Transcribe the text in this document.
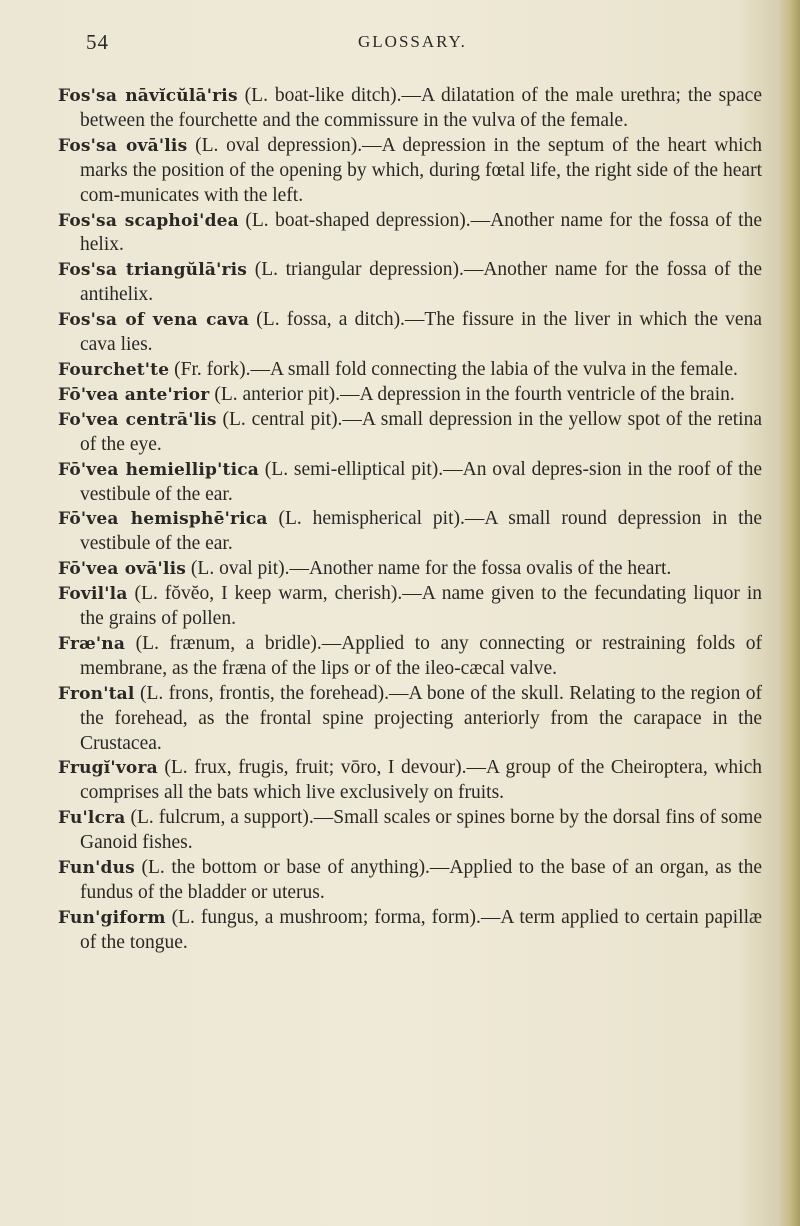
54	GLOSSARY.

Fos'sa nāvĭcŭlā'ris (L. boat-like ditch).—A dilatation of the male urethra; the space between the fourchette and the commissure in the vulva of the female.

Fos'sa ovā'lis (L. oval depression).—A depression in the septum of the heart which marks the position of the opening by which, during fœtal life, the right side of the heart com-municates with the left.

Fos'sa scaphoi'dea (L. boat-shaped depression).—Another name for the fossa of the helix.

Fos'sa triangŭlā'ris (L. triangular depression).—Another name for the fossa of the antihelix.

Fos'sa of vena cava (L. fossa, a ditch).—The fissure in the liver in which the vena cava lies.

Fourchet'te (Fr. fork).—A small fold connecting the labia of the vulva in the female.

Fō'vea ante'rior (L. anterior pit).—A depression in the fourth ventricle of the brain.

Fo'vea centrā'lis (L. central pit).—A small depression in the yellow spot of the retina of the eye.

Fō'vea hemiellip'tica (L. semi-elliptical pit).—An oval depres-sion in the roof of the vestibule of the ear.

Fō'vea hemisphē'rica (L. hemispherical pit).—A small round depression in the vestibule of the ear.

Fō'vea ovā'lis (L. oval pit).—Another name for the fossa ovalis of the heart.

Fovil'la (L. fŏvĕo, I keep warm, cherish).—A name given to the fecundating liquor in the grains of pollen.

Fræ'na (L. frænum, a bridle).—Applied to any connecting or restraining folds of membrane, as the fræna of the lips or of the ileo-cæcal valve.

Fron'tal (L. frons, frontis, the forehead).—A bone of the skull. Relating to the region of the forehead, as the frontal spine projecting anteriorly from the carapace in the Crustacea.

Frugĭ'vora (L. frux, frugis, fruit; vōro, I devour).—A group of the Cheiroptera, which comprises all the bats which live exclusively on fruits.

Fu'lcra (L. fulcrum, a support).—Small scales or spines borne by the dorsal fins of some Ganoid fishes.

Fun'dus (L. the bottom or base of anything).—Applied to the base of an organ, as the fundus of the bladder or uterus.

Fun'giform (L. fungus, a mushroom; forma, form).—A term applied to certain papillæ of the tongue.
